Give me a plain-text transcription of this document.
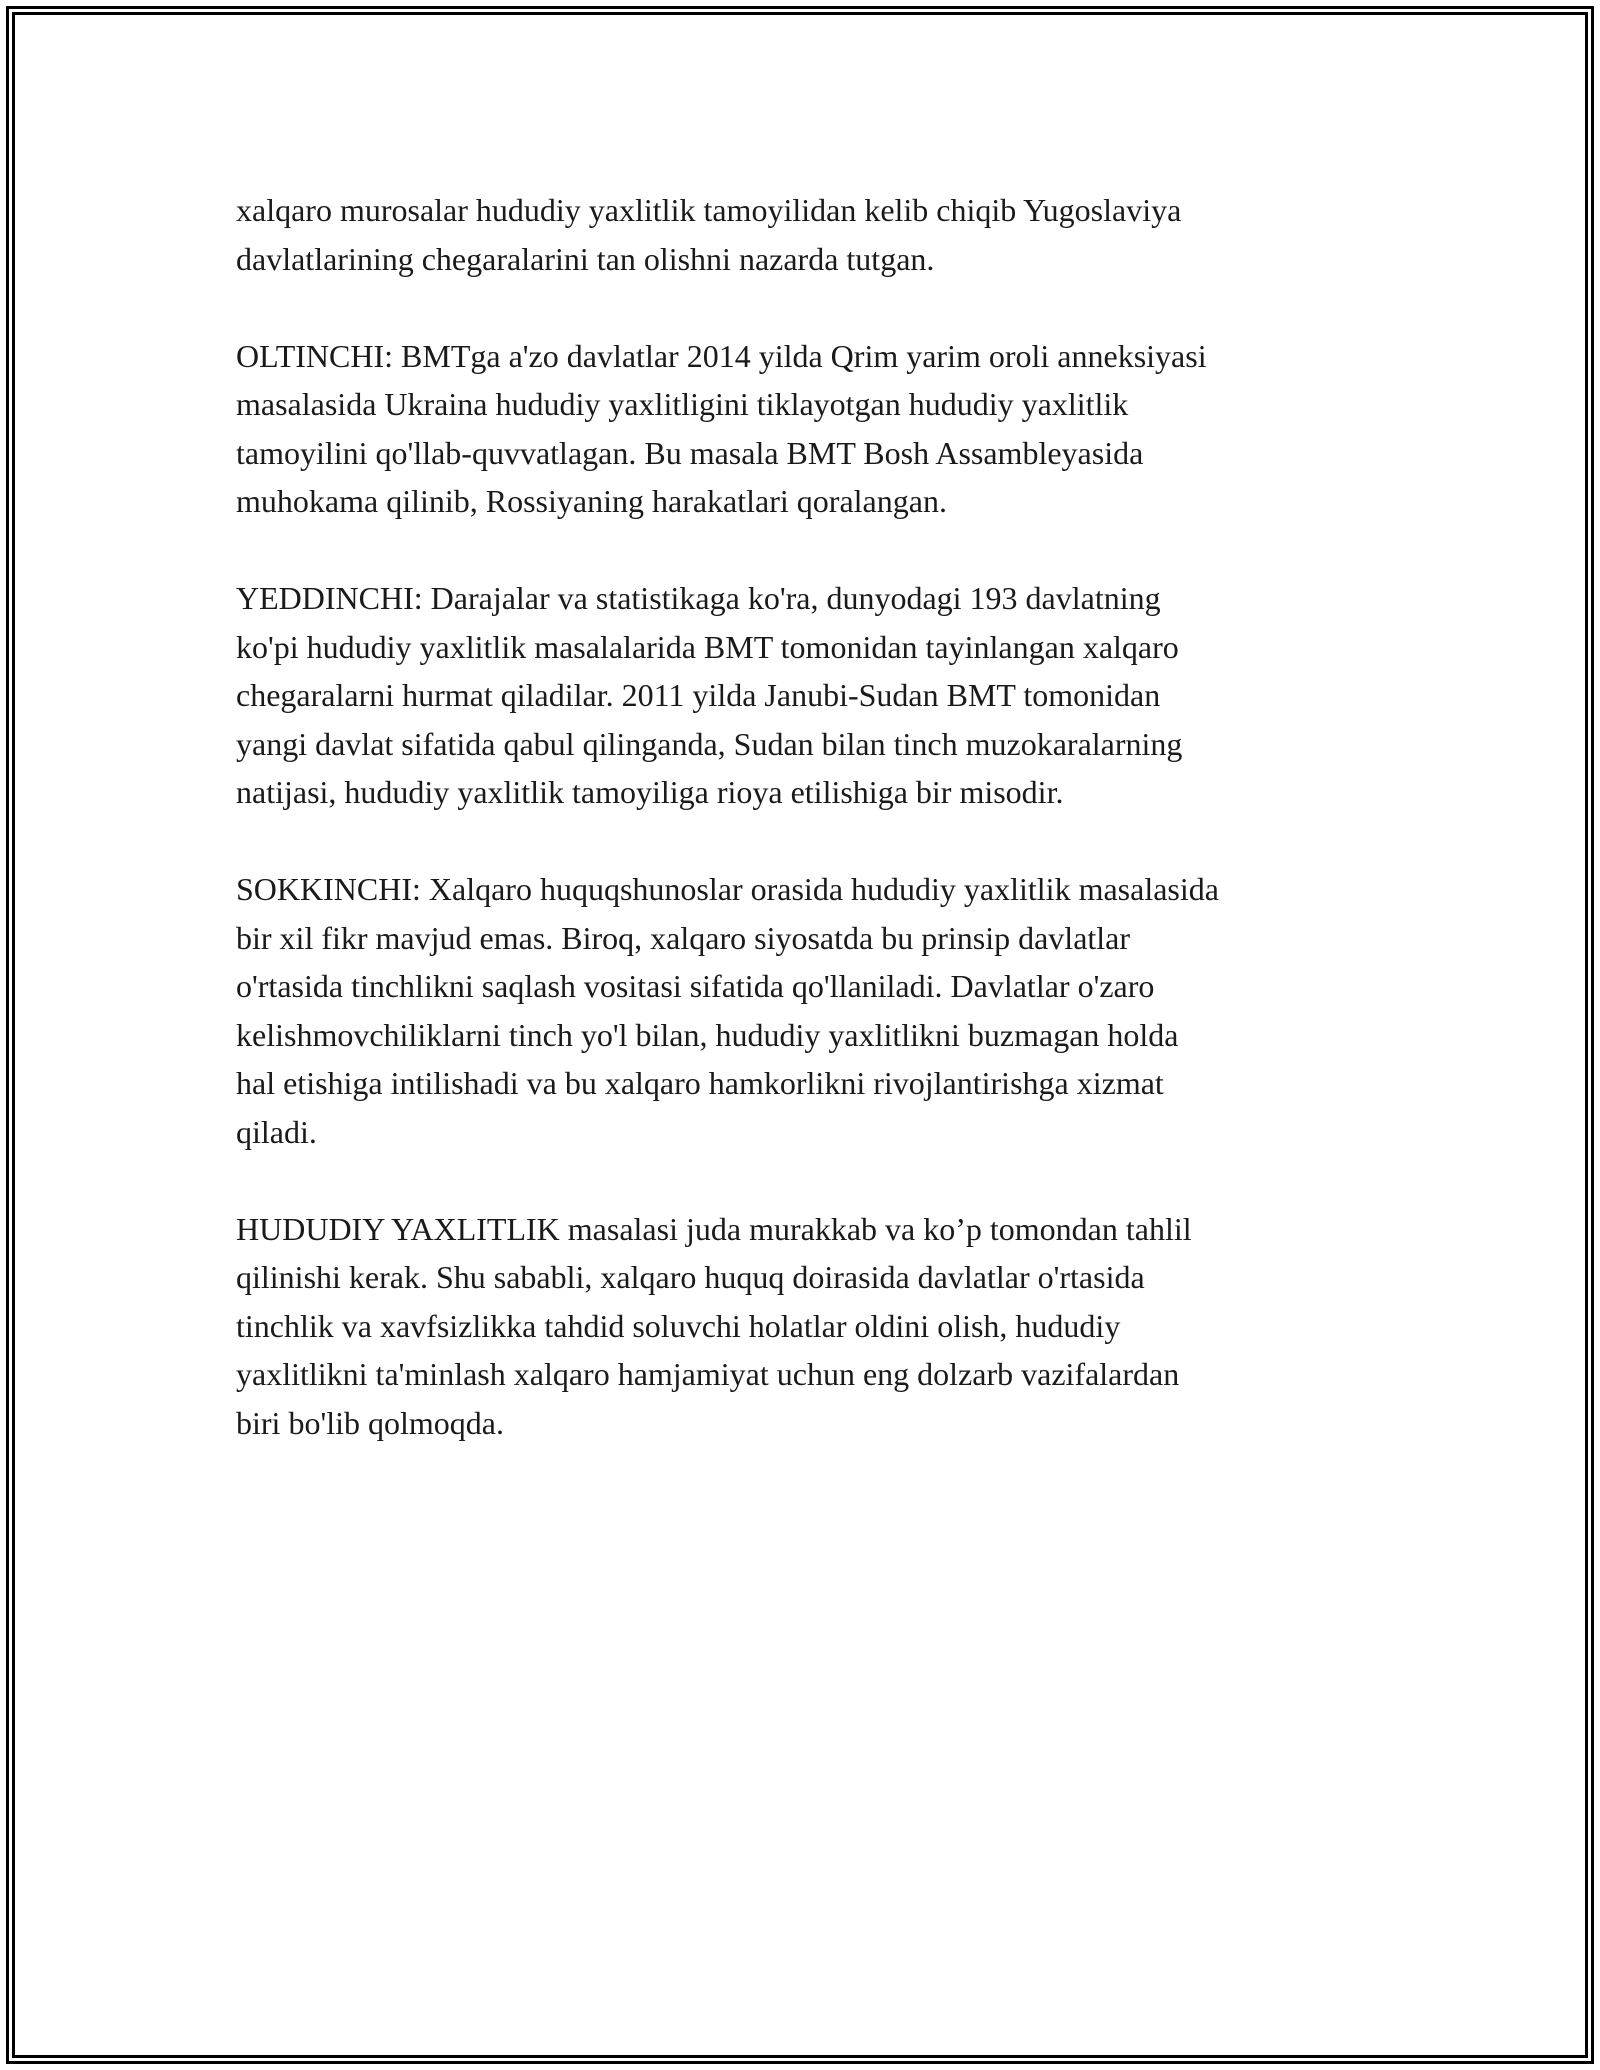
xalqaro murosalar hududiy yaxlitlik tamoyilidan kelib chiqib Yugoslaviya
davlatlarining chegaralarini tan olishni nazarda tutgan.

OLTINCHI: BMTga a'zo davlatlar 2014 yilda Qrim yarim oroli anneksiyasi
masalasida Ukraina hududiy yaxlitligini tiklayotgan hududiy yaxlitlik
tamoyilini qo'llab-quvvatlagan. Bu masala BMT Bosh Assambleyasida
muhokama qilinib, Rossiyaning harakatlari qoralangan.

YEDDINCHI: Darajalar va statistikaga ko'ra, dunyodagi 193 davlatning
ko'pi hududiy yaxlitlik masalalarida BMT tomonidan tayinlangan xalqaro
chegaralarni hurmat qiladilar. 2011 yilda Janubi-Sudan BMT tomonidan
yangi davlat sifatida qabul qilinganda, Sudan bilan tinch muzokaralarning
natijasi, hududiy yaxlitlik tamoyiliga rioya etilishiga bir misodir.

SOKKINCHI: Xalqaro huquqshunoslar orasida hududiy yaxlitlik masalasida
bir xil fikr mavjud emas. Biroq, xalqaro siyosatda bu prinsip davlatlar
o'rtasida tinchlikni saqlash vositasi sifatida qo'llaniladi. Davlatlar o'zaro
kelishmovchiliklarni tinch yo'l bilan, hududiy yaxlitlikni buzmagan holda
hal etishiga intilishadi va bu xalqaro hamkorlikni rivojlantirishga xizmat
qiladi.

HUDUDIY YAXLITLIK masalasi juda murakkab va ko’p tomondan tahlil
qilinishi kerak. Shu sababli, xalqaro huquq doirasida davlatlar o'rtasida
tinchlik va xavfsizlikka tahdid soluvchi holatlar oldini olish, hududiy
yaxlitlikni ta'minlash xalqaro hamjamiyat uchun eng dolzarb vazifalardan
biri bo'lib qolmoqda.
